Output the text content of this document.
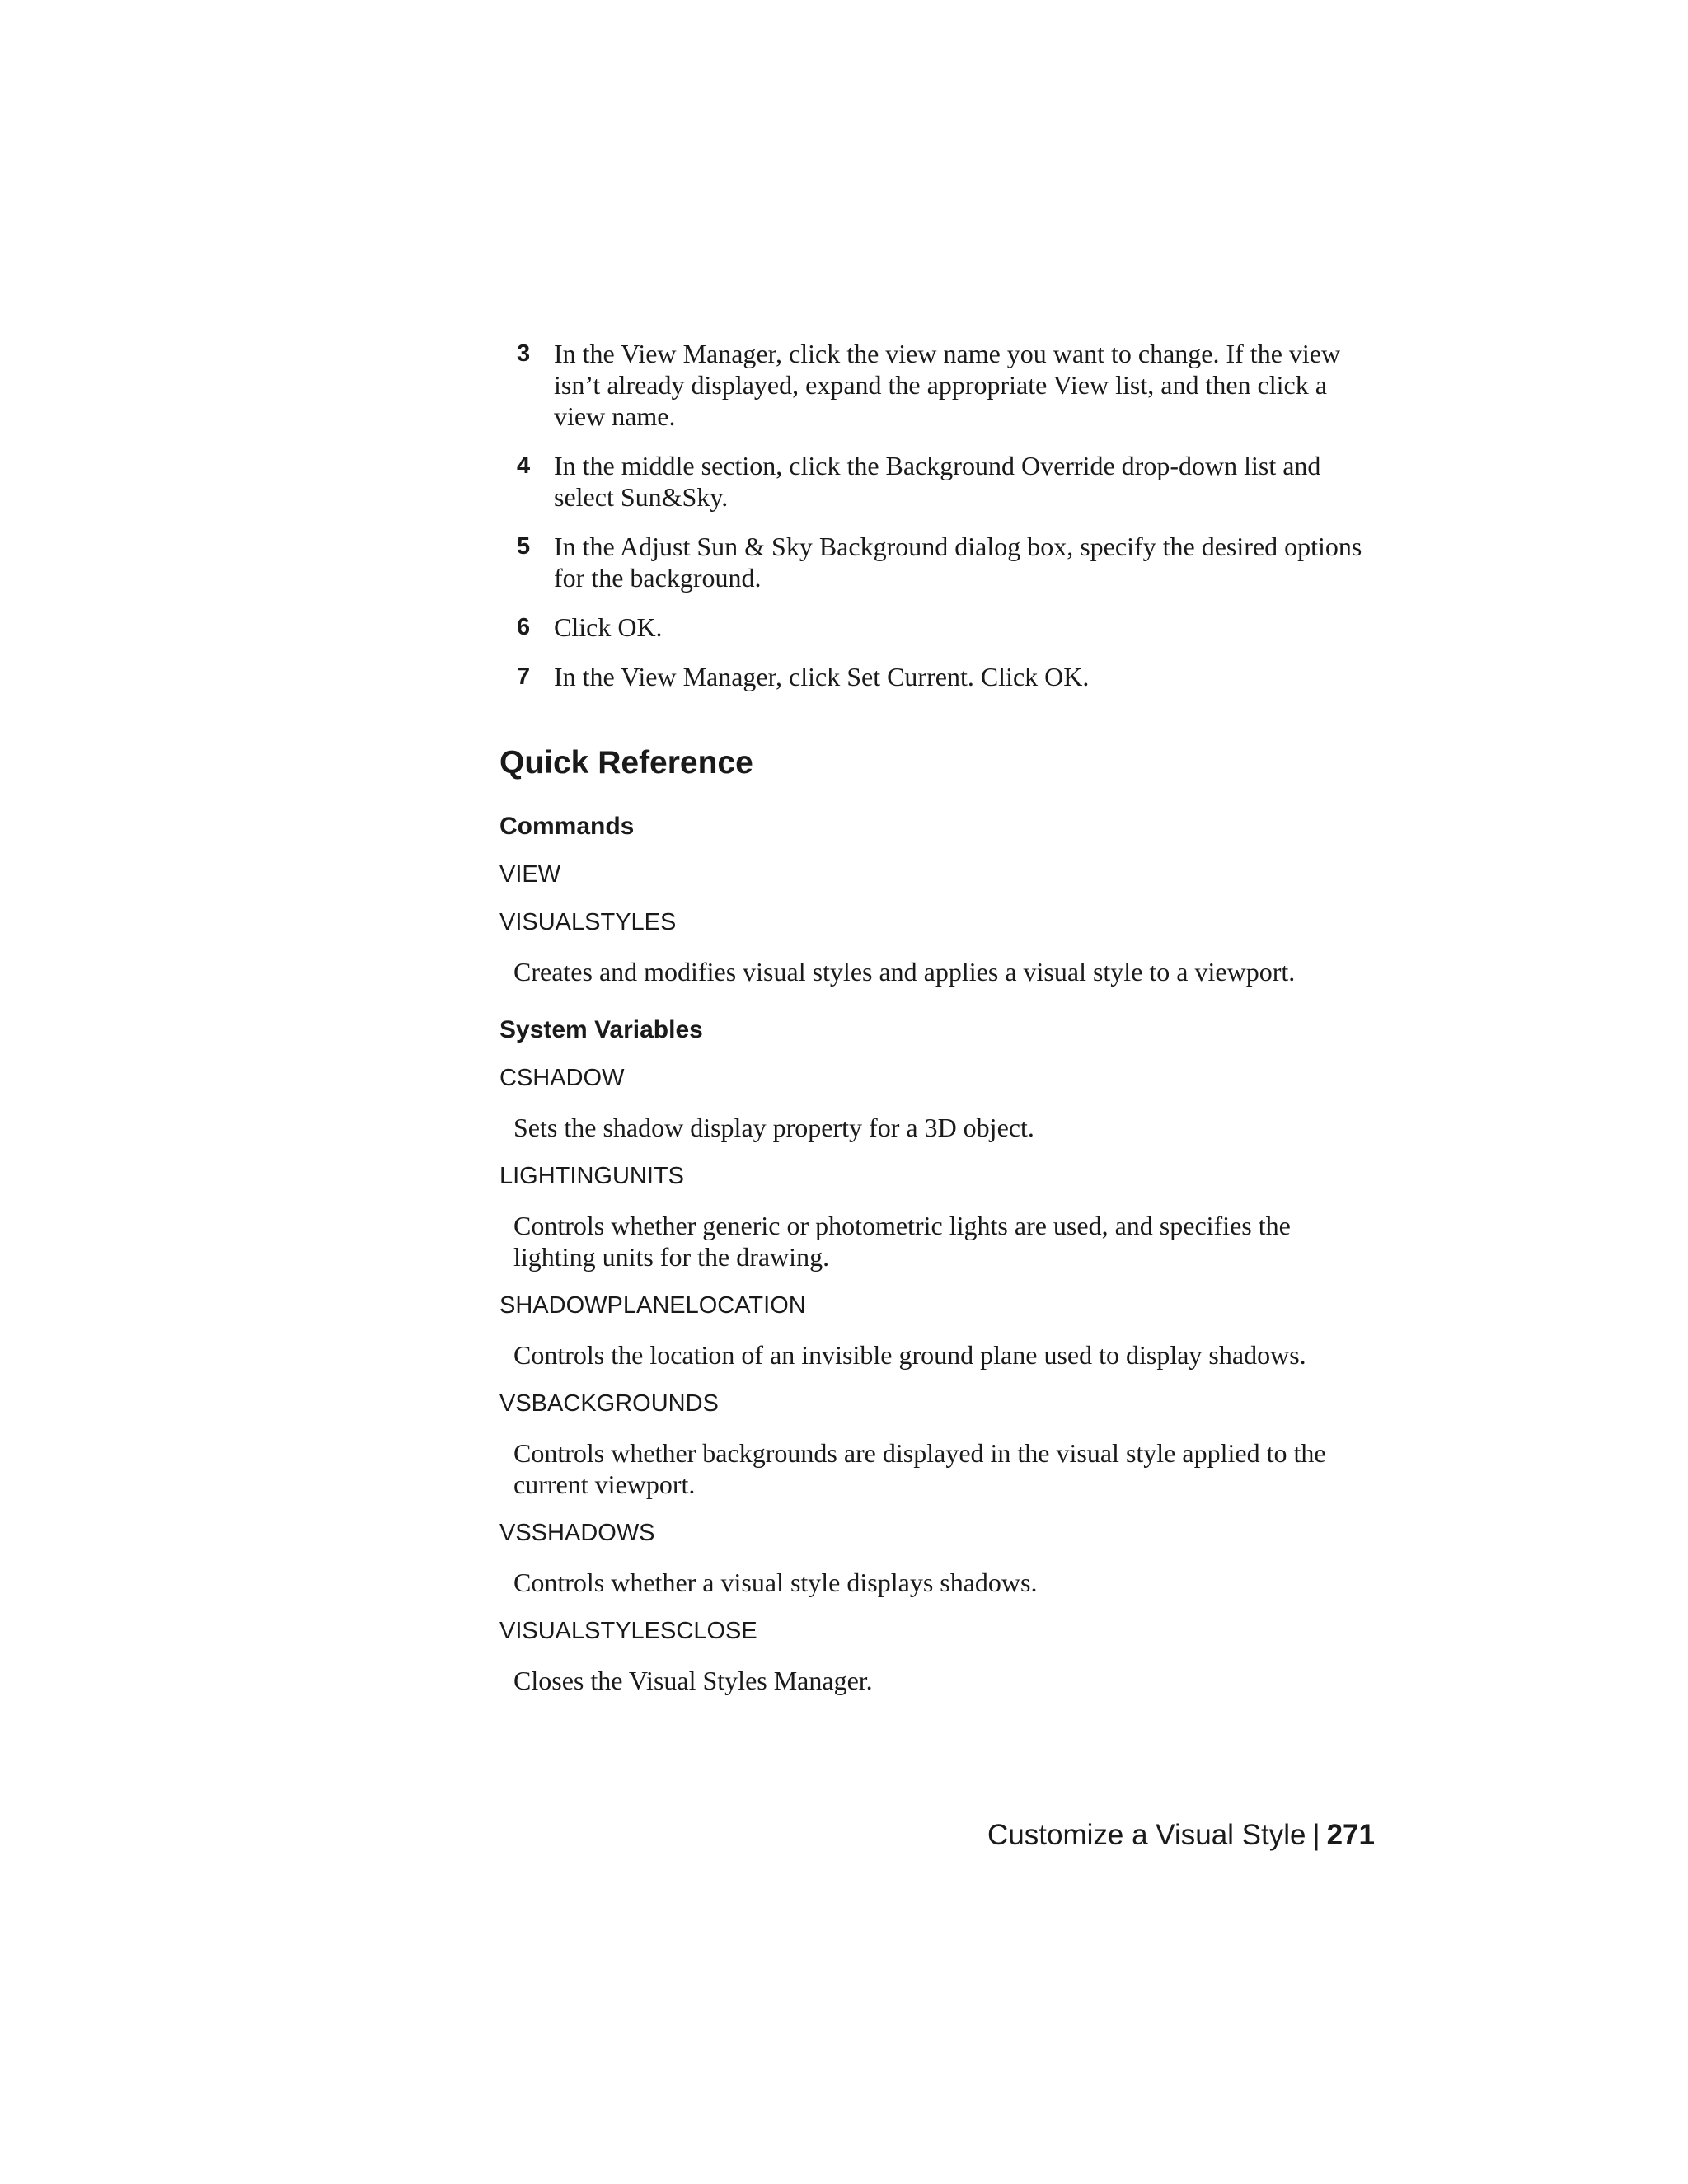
3 In the View Manager, click the view name you want to change. If the view isn’t already displayed, expand the appropriate View list, and then click a view name.
4 In the middle section, click the Background Override drop-down list and select Sun&Sky.
5 In the Adjust Sun & Sky Background dialog box, specify the desired options for the background.
6 Click OK.
7 In the View Manager, click Set Current. Click OK.
Quick Reference
Commands
VIEW
VISUALSTYLES
Creates and modifies visual styles and applies a visual style to a viewport.
System Variables
CSHADOW
Sets the shadow display property for a 3D object.
LIGHTINGUNITS
Controls whether generic or photometric lights are used, and specifies the lighting units for the drawing.
SHADOWPLANELOCATION
Controls the location of an invisible ground plane used to display shadows.
VSBACKGROUNDS
Controls whether backgrounds are displayed in the visual style applied to the current viewport.
VSSHADOWS
Controls whether a visual style displays shadows.
VISUALSTYLESCLOSE
Closes the Visual Styles Manager.
Customize a Visual Style | 271
